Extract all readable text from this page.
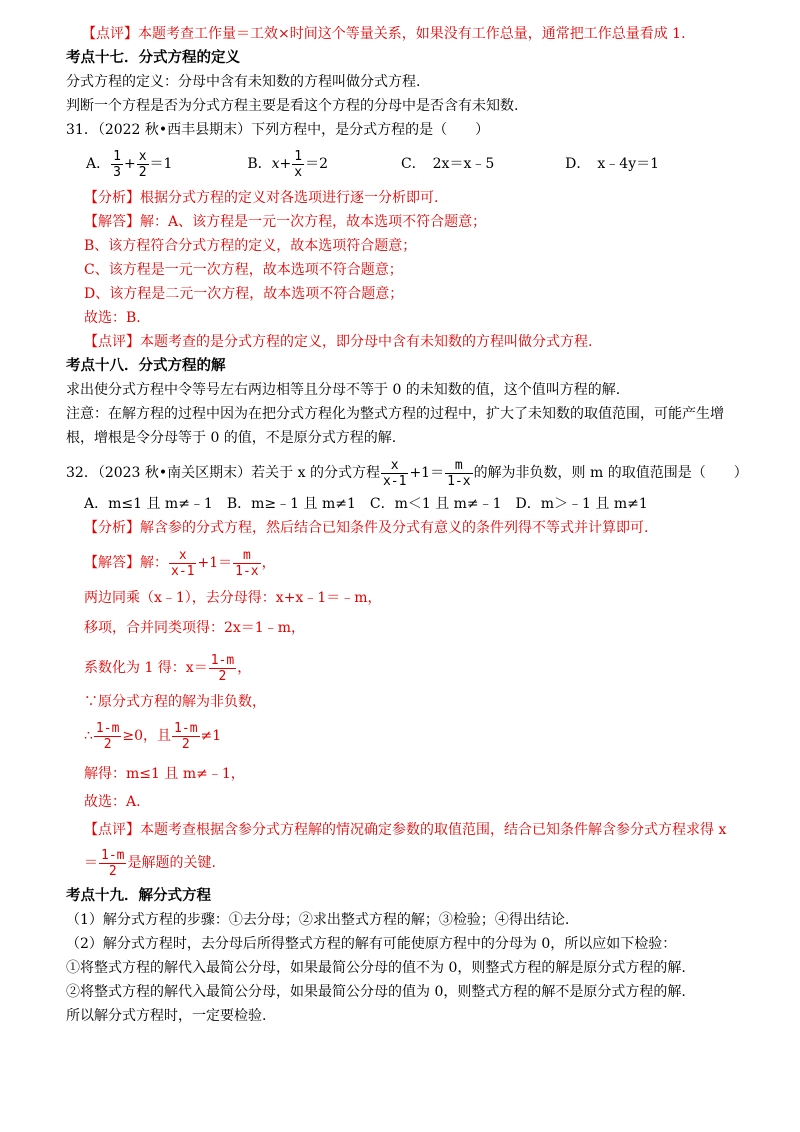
【点评】本题考查工作量＝工效×时间这个等量关系，如果没有工作总量，通常把工作总量看成 1.
考点十七．分式方程的定义
分式方程的定义：分母中含有未知数的方程叫做分式方程.
判断一个方程是否为分式方程主要是看这个方程的分母中是否含有未知数.
31．（2022 秋•西丰县期末）下列方程中，是分式方程的是（　　）
A． $\frac{1}{3} + \frac{x}{2} =1$	B．$x+ \frac{1}{x} =2$	C．　2x＝x﹣5	D．　x﹣4y＝1
【分析】根据分式方程的定义对各选项进行逐一分析即可.
【解答】解：A、该方程是一元一次方程，故本选项不符合题意；
B、该方程符合分式方程的定义，故本选项符合题意；
C、该方程是一元一次方程，故本选项不符合题意；
D、该方程是二元一次方程，故本选项不符合题意；
故选：B.
【点评】本题考查的是分式方程的定义，即分母中含有未知数的方程叫做分式方程.
考点十八．分式方程的解
求出使分式方程中令等号左右两边相等且分母不等于 0 的未知数的值，这个值叫方程的解.
注意：在解方程的过程中因为在把分式方程化为整式方程的过程中，扩大了未知数的取值范围，可能产生增
根，增根是令分母等于 0 的值，不是原分式方程的解.
32．（2023 秋•南关区期末）若关于 x 的分式方程 $\frac{x}{x-1} +1= \frac{m}{1-x}$ 的解为非负数，则 m 的取值范围是（　　）
A．m≤1 且 m≠﹣1　B．m≥﹣1 且 m≠1　C．m＜1 且 m≠﹣1　D．m＞﹣1 且 m≠1
【分析】解含参的分式方程，然后结合已知条件及分式有意义的条件列得不等式并计算即可.
【解答】解： $\frac{x}{x-1} +1= \frac{m}{1-x}$ ，
两边同乘（x﹣1），去分母得：x+x﹣1＝﹣m，
移项，合并同类项得：2x＝1﹣m，
系数化为 1 得：$x= \frac{1-m}{2}$ ，
∵原分式方程的解为非负数，
∴ $\frac{1-m}{2} \ge 0$，且 $\frac{1-m}{2} \ne 1$
解得：m≤1 且 m≠﹣1，
故选：A.
【点评】本题考查根据含参分式方程解的情况确定参数的取值范围，结合已知条件解含参分式方程求得 x
＝ $\frac{1-m}{2}$ 是解题的关键.
考点十九．解分式方程
（1）解分式方程的步骤：①去分母；②求出整式方程的解；③检验；④得出结论.
（2）解分式方程时，去分母后所得整式方程的解有可能使原方程中的分母为 0，所以应如下检验：
①将整式方程的解代入最简公分母，如果最简公分母的值不为 0，则整式方程的解是原分式方程的解.
②将整式方程的解代入最简公分母，如果最简公分母的值为 0，则整式方程的解不是原分式方程的解.
所以解分式方程时，一定要检验.
